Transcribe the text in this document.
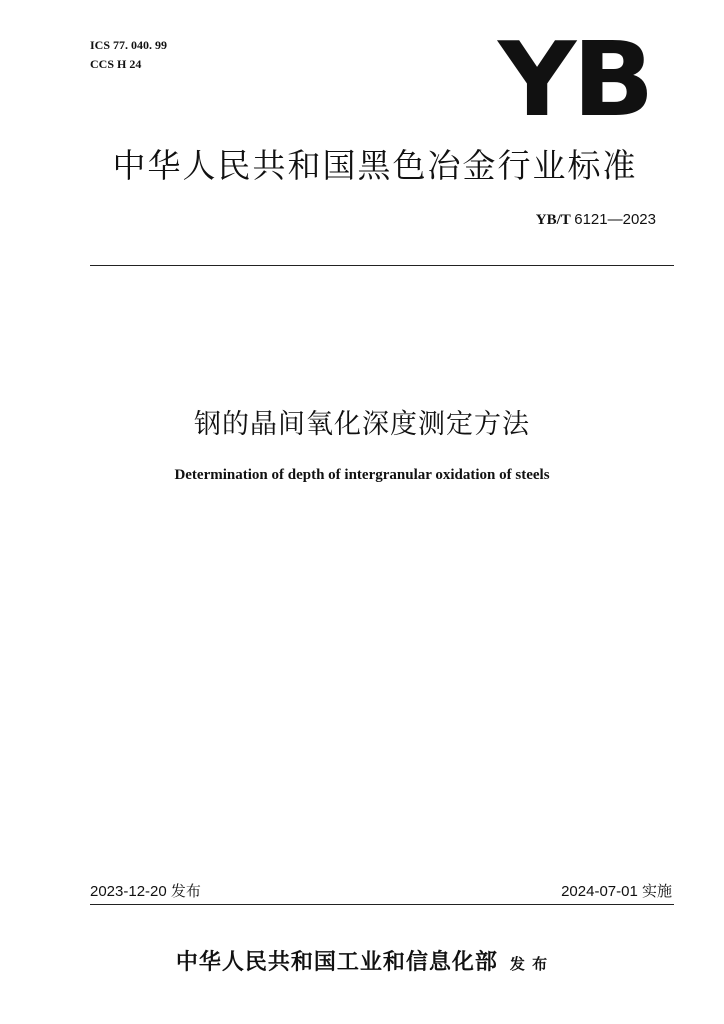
ICS 77. 040. 99
CCS H 24	YB
中华人民共和国黑色冶金行业标准
YB/T 6121—2023
钢的晶间氧化深度测定方法
Determination of depth of intergranular oxidation of steels
2023-12-20 发布	2024-07-01 实施
中华人民共和国工业和信息化部 发 布
